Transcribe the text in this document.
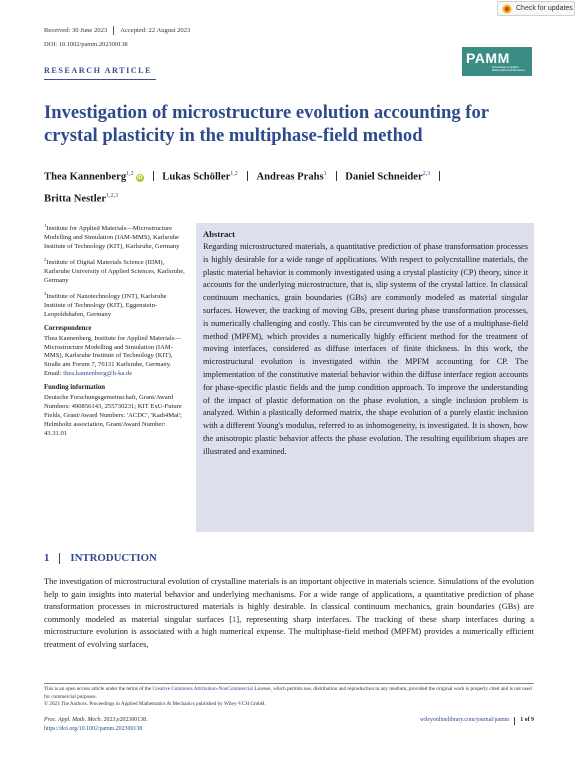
Received: 30 June 2023 Accepted: 22 August 2023
DOI: 10.1002/pamm.202300138
Check for updates
RESEARCH ARTICLE
PAMM
Proceedings in Applied Mathematics and Mechanics
Investigation of microstructure evolution accounting for crystal plasticity in the multiphase-field method
Thea Kannenberg$^{1,2}$iD Lukas Schöller$^{1,2}$ Andreas Prahs$^1$ Daniel Schneider$^{2,3}$
Britta Nestler$^{1,2,3}$

$^1$Institute for Applied Materials—Microstructure Modelling and Simulation (IAM-MMS), Karlsruhe Institute of Technology (KIT), Karlsruhe, Germany

$^2$Institute of Digital Materials Science (IDM), Karlsruhe University of Applied Sciences, Karlsruhe, Germany

$^3$Institute of Nanotechnology (INT), Karlsruhe Institute of Technology (KIT), Eggenstein-Leopoldshafen, Germany

Correspondence

Thea Kannenberg, Institute for Applied Materials—Microstructure Modelling and Simulation (IAM-MMS), Karlsruhe Institute of Technology (KIT), Straße am Forum 7, 76131 Karlsruhe, Germany.
Email: thea.kannenberg@h-ka.de

Funding information

Deutsche Forschungsgemeinschaft, Grant/Award Numbers: 490856143, 255730231; KIT ExU-Future Fields, Grant/Award Numbers: 'ACDC', 'Kadi4Mat'; Helmholtz association, Grant/Award Number: 43.31.01

Abstract

Regarding microstructured materials, a quantitative prediction of phase transformation processes is highly desirable for a wide range of applications. With respect to polycrstalline materials, the plastic material behavior is commonly investigated using a crystal plasticity (CP) theory, since it accounts for the underlying microstructure, that is, slip systems of the crystal lattice. In classical continuum mechanics, grain boundaries (GBs) are commonly modeled as material singular surfaces. However, the tracking of moving GBs, present during phase transformation processes, is numerically challenging and costly. This can be circumvented by the use of a multiphase-field method (MPFM), which provides a numerically highly efficient method for the treatment of moving interfaces, considered as diffuse interfaces of finite thickness. In this work, the microstructural evolution is investigated within the MPFM accounting for CP. The implementation of the constitutive material behavior within the diffuse interface region accounts for phase-specific plastic fields and the jump condition approach. To improve the understanding of the impact of plastic deformation on the phase evolution, a single inclusion problem is analyzed. Within a plastically deformed matrix, the shape evolution of a purely elastic inclusion with a different Young's modulus, referred to as inhomogeneity, is investigated. It is shown, how the anisotropic plastic behavior affects the phase evolution. The resulting equilibrium shapes are illustrated and examined.

1 INTRODUCTION

The investigation of microstructural evolution of crystalline materials is an important objective in materials science. Simulations of the evolution help to gain insights into material behavior and underlying mechanisms. For a wide range of applications, a quantitative prediction of phase transformation processes in microstructured materials is highly desirable. In classical continuum mechanics, grain boundaries (GBs) are commonly modeled as material singular surfaces [1], representing sharp interfaces. The tracking of these sharp interfaces during a microstructure evolution is associated with a high numerical expense. The multiphase-field method (MPFM) provides a numerically efficient treatment of evolving surfaces,

This is an open access article under the terms of the Creative Commons Attribution-NonCommercial License, which permits use, distribution and reproduction in any medium, provided the original work is properly cited and is not used for commercial purposes.
© 2023 The Authors. Proceedings in Applied Mathematics & Mechanics published by Wiley-VCH GmbH.
Proc. Appl. Math. Mech. 2023;e202300138.
https://doi.org/10.1002/pamm.202300138
wileyonlinelibrary.com/journal/pamm 1 of 9
